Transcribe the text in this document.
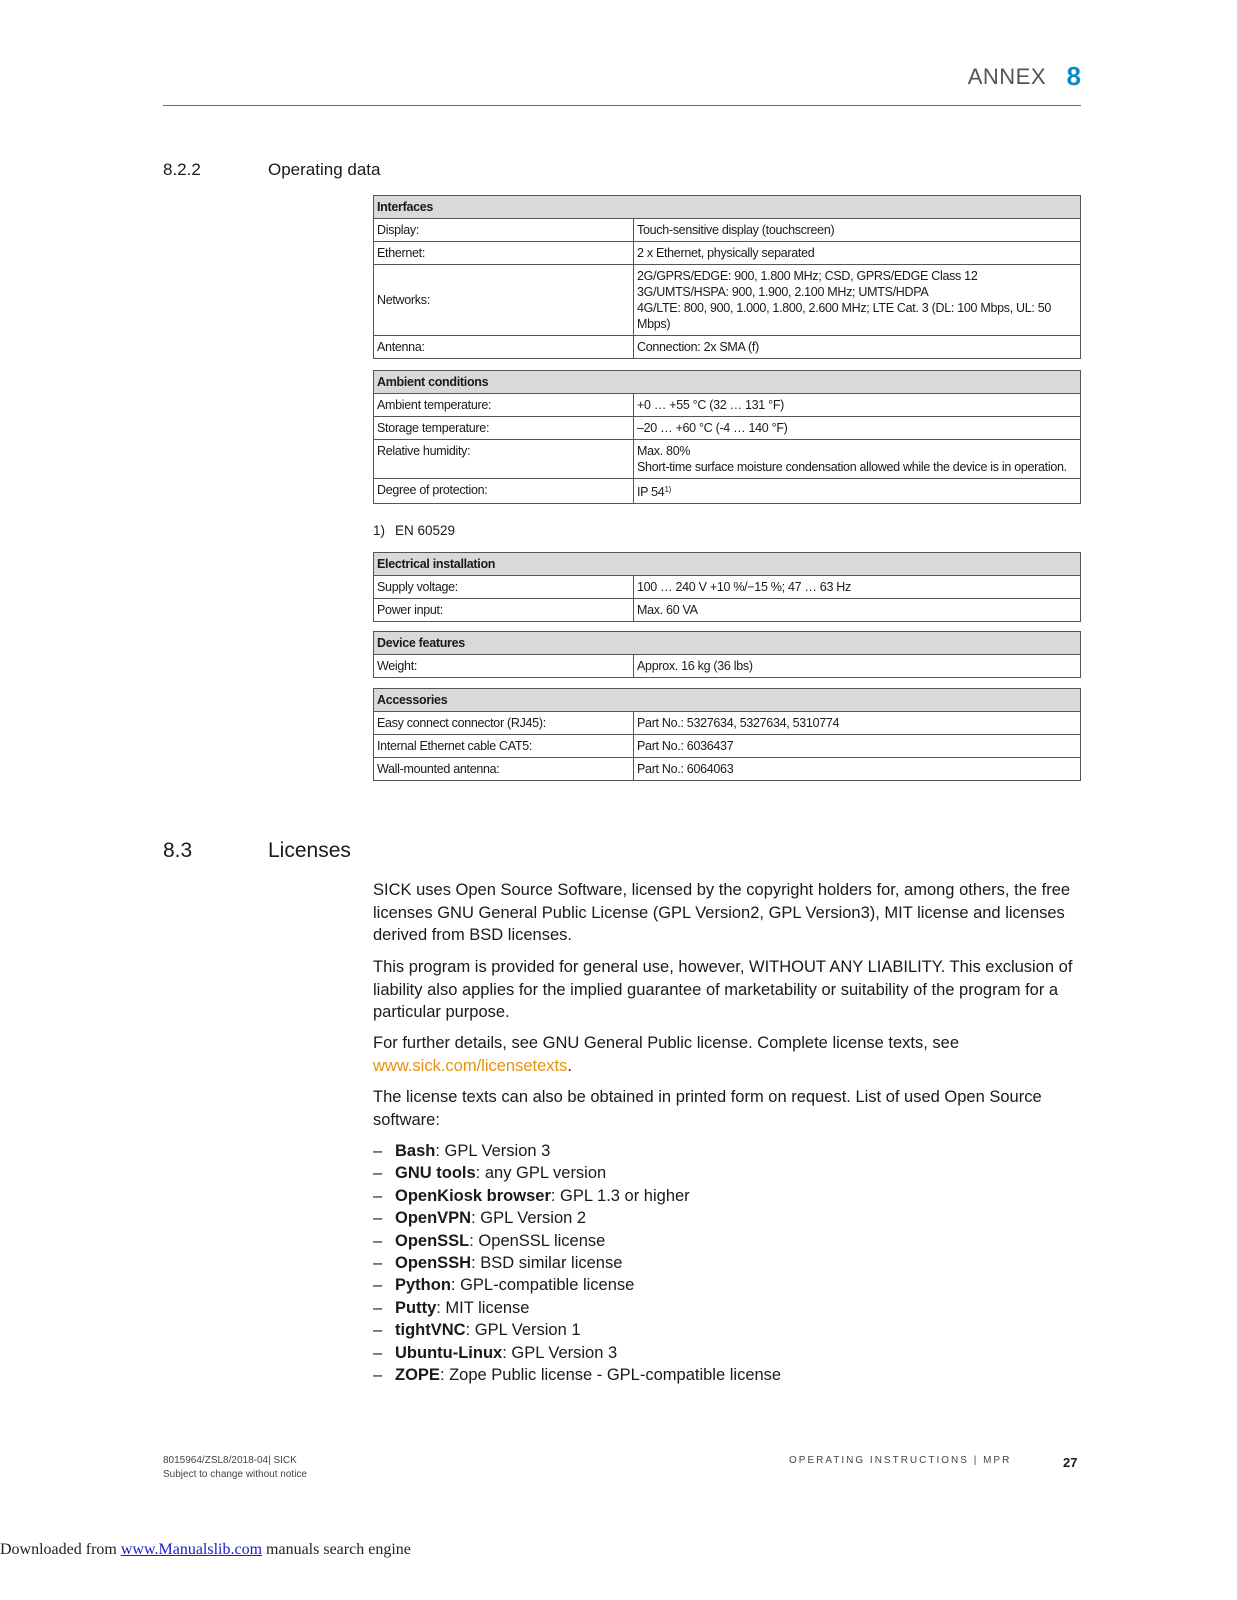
ANNEX 8
8.2.2	Operating data
Interfaces	
Display:	Touch-sensitive display (touchscreen)
Ethernet:	2 x Ethernet, physically separated
Networks:	2G/GPRS/EDGE: 900, 1.800 MHz; CSD, GPRS/EDGE Class 12
3G/UMTS/HSPA: 900, 1.900, 2.100 MHz; UMTS/HDPA
4G/LTE: 800, 900, 1.000, 1.800, 2.600 MHz; LTE Cat. 3 (DL: 100 Mbps, UL: 50 Mbps)

Antenna:	Connection: 2x SMA (f)
Ambient conditions	
Ambient temperature:	+0 … +55 °C (32 … 131 °F)
Storage temperature:	–20 … +60 °C (-4 … 140 °F)
Relative humidity:	Max. 80%
Short-time surface moisture condensation allowed while the device is in operation.

Degree of protection:	IP 54$^{1)}$
1) EN 60529
Electrical installation	
Supply voltage:	100 … 240 V +10 %/−15 %; 47 … 63 Hz
Power input:	Max. 60 VA
Device features
Weight:	Approx. 16 kg (36 lbs)
Accessories	
Easy connect connector (RJ45):	Part No.: 5327634, 5327634, 5310774
Internal Ethernet cable CAT5:	Part No.: 6036437
Wall-mounted antenna:	Part No.: 6064063
8.3	Licenses
SICK uses Open Source Software, licensed by the copyright holders for, among others, the free licenses GNU General Public License (GPL Version2, GPL Version3), MIT license and licenses derived from BSD licenses.
This program is provided for general use, however, WITHOUT ANY LIABILITY. This exclusion of liability also applies for the implied guarantee of marketability or suitability of the program for a particular purpose.
For further details, see GNU General Public license. Complete license texts, see
www.sick.com/licensetexts.
The license texts can also be obtained in printed form on request. List of used Open Source software:
– Bash: GPL Version 3
– GNU tools: any GPL version
– OpenKiosk browser: GPL 1.3 or higher
– OpenVPN: GPL Version 2
– OpenSSL: OpenSSL license
– OpenSSH: BSD similar license
– Python: GPL-compatible license
– Putty: MIT license
– tightVNC: GPL Version 1
– Ubuntu-Linux: GPL Version 3
– ZOPE: Zope Public license - GPL-compatible license
8015964/ZSL8/2018-04| SICK
Subject to change without notice
OPERATING INSTRUCTIONS | MPR	27
Downloaded from www.Manualslib.com manuals search engine
